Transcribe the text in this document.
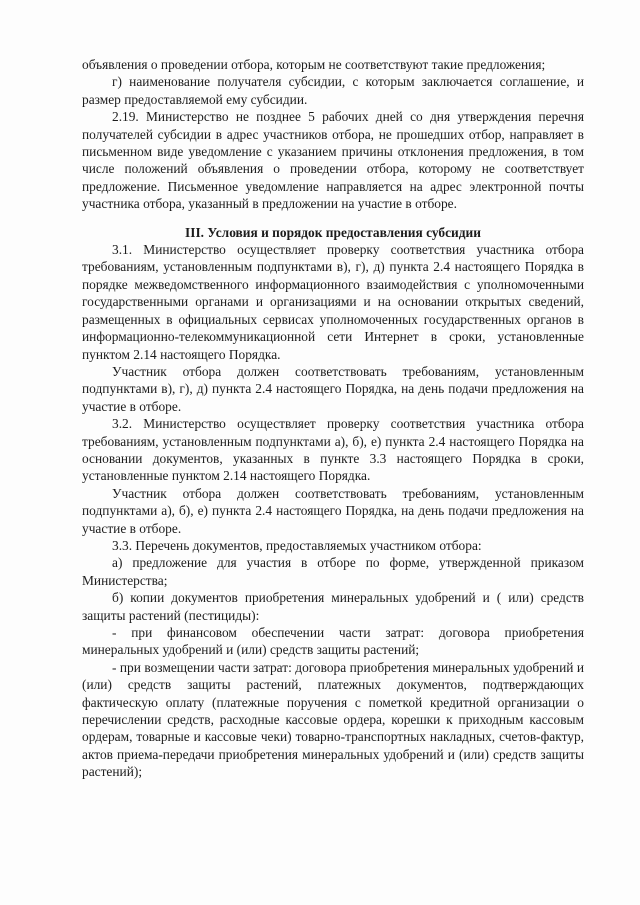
объявления о проведении отбора, которым не соответствуют такие предложения;

г) наименование получателя субсидии, с которым заключается соглашение, и размер предоставляемой ему субсидии.

2.19. Министерство не позднее 5 рабочих дней со дня утверждения перечня получателей субсидии в адрес участников отбора, не прошедших отбор, направляет в письменном виде уведомление с указанием причины отклонения предложения, в том числе положений объявления о проведении отбора, которому не соответствует предложение. Письменное уведомление направляется на адрес электронной почты участника отбора, указанный в предложении на участие в отборе.

III. Условия и порядок предоставления субсидии

3.1. Министерство осуществляет проверку соответствия участника отбора требованиям, установленным подпунктами в), г), д) пункта 2.4 настоящего Порядка в порядке межведомственного информационного взаимодействия с уполномоченными государственными органами и организациями и на основании открытых сведений, размещенных в официальных сервисах уполномоченных государственных органов в информационно-телекоммуникационной сети Интернет в сроки, установленные пунктом 2.14 настоящего Порядка.

Участник отбора должен соответствовать требованиям, установленным подпунктами в), г), д) пункта 2.4 настоящего Порядка, на день подачи предложения на участие в отборе.

3.2. Министерство осуществляет проверку соответствия участника отбора требованиям, установленным подпунктами а), б), е) пункта 2.4 настоящего Порядка на основании документов, указанных в пункте 3.3 настоящего Порядка в сроки, установленные пунктом 2.14 настоящего Порядка.

Участник отбора должен соответствовать требованиям, установленным подпунктами а), б), е) пункта 2.4 настоящего Порядка, на день подачи предложения на участие в отборе.

3.3. Перечень документов, предоставляемых участником отбора:

а) предложение для участия в отборе по форме, утвержденной приказом Министерства;

б) копии документов приобретения минеральных удобрений и ( или) средств защиты растений (пестициды):

- при финансовом обеспечении части затрат: договора приобретения минеральных удобрений и (или) средств защиты растений;

- при возмещении части затрат: договора приобретения минеральных удобрений и (или) средств защиты растений, платежных документов, подтверждающих фактическую оплату (платежные поручения с пометкой кредитной организации о перечислении средств, расходные кассовые ордера, корешки к приходным кассовым ордерам, товарные и кассовые чеки) товарно-транспортных накладных, счетов-фактур, актов приема-передачи приобретения минеральных удобрений и (или) средств защиты растений);
